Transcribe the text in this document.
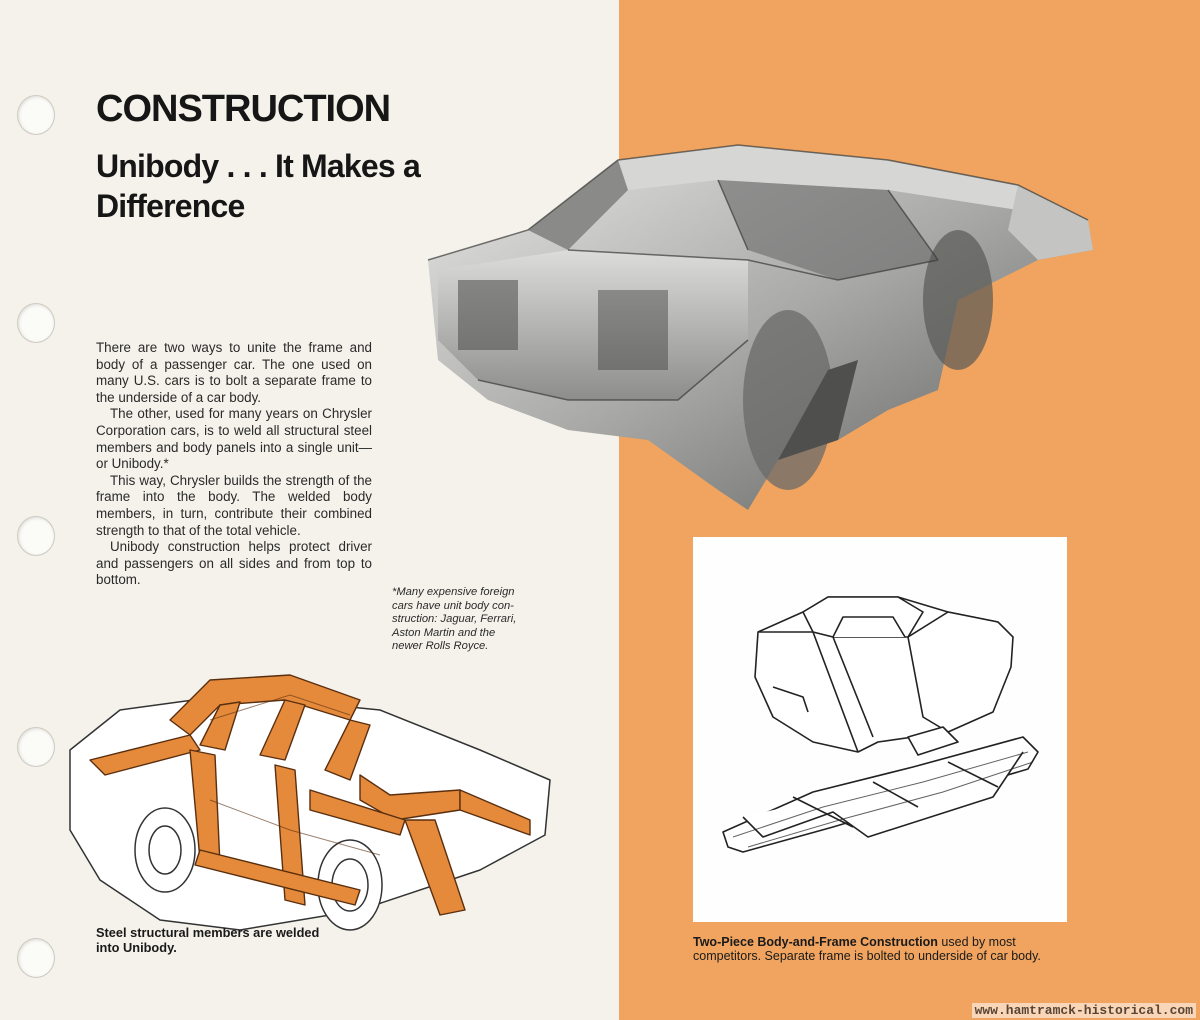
CONSTRUCTION
Unibody . . . It Makes a Difference

There are two ways to unite the frame and body of a passenger car. The one used on many U.S. cars is to bolt a separate frame to the underside of a car body.

The other, used for many years on Chrysler Corporation cars, is to weld all structural steel members and body panels into a single unit—or Unibody.*

This way, Chrysler builds the strength of the frame into the body. The welded body members, in turn, contribute their combined strength to that of the total vehicle.

Unibody construction helps protect driver and passengers on all sides and from top to bottom.

*Many expensive foreign
cars have unit body con-
struction: Jaguar, Ferrari,
Aston Martin and the
newer Rolls Royce.
Steel structural members are welded into Unibody.	Two-Piece Body-and-Frame Construction used by most competitors. Separate frame is bolted to underside of car body.
www.hamtramck-historical.com
